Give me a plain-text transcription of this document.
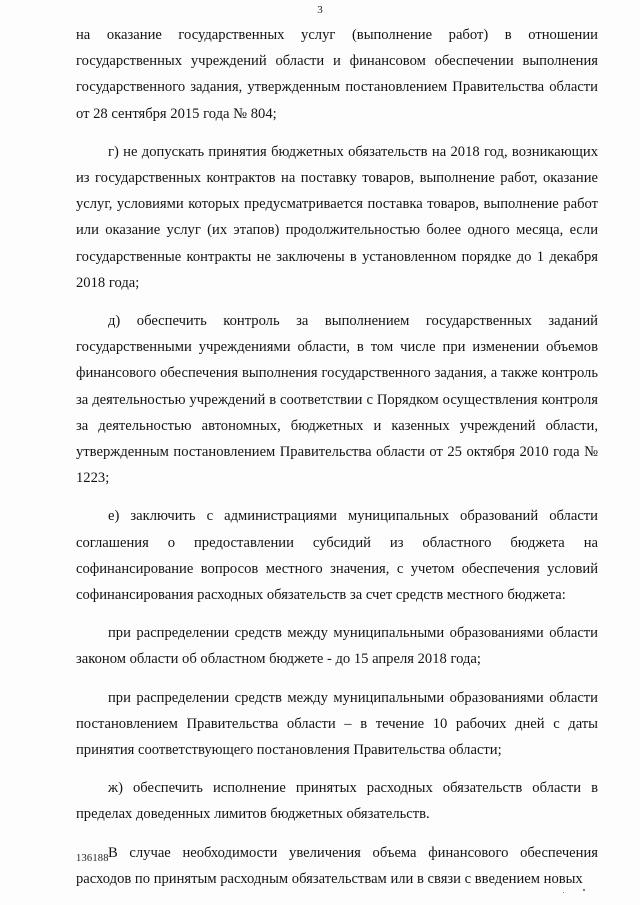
3

на оказание государственных услуг (выполнение работ) в отношении государственных учреждений области и финансовом обеспечении выполнения государственного задания, утвержденным постановлением Правительства области от 28 сентября 2015 года № 804;

г) не допускать принятия бюджетных обязательств на 2018 год, возникающих из государственных контрактов на поставку товаров, выполнение работ, оказание услуг, условиями которых предусматривается поставка товаров, выполнение работ или оказание услуг (их этапов) продолжительностью более одного месяца, если государственные контракты не заключены в установленном порядке до 1 декабря 2018 года;

д) обеспечить контроль за выполнением государственных заданий государственными учреждениями области, в том числе при изменении объемов финансового обеспечения выполнения государственного задания, а также контроль за деятельностью учреждений в соответствии с Порядком осуществления контроля за деятельностью автономных, бюджетных и казенных учреждений области, утвержденным постановлением Правительства области от 25 октября 2010 года № 1223;

е) заключить с администрациями муниципальных образований области соглашения о предоставлении субсидий из областного бюджета на софинансирование вопросов местного значения, с учетом обеспечения условий софинансирования расходных обязательств за счет средств местного бюджета:

при распределении средств между муниципальными образованиями области законом области об областном бюджете - до 15 апреля 2018 года;

при распределении средств между муниципальными образованиями области постановлением Правительства области – в течение 10 рабочих дней с даты принятия соответствующего постановления Правительства области;

ж) обеспечить исполнение принятых расходных обязательств области в пределах доведенных лимитов бюджетных обязательств.

В случае необходимости увеличения объема финансового обеспечения расходов по принятым расходным обязательствам или в связи с введением новых

136188
